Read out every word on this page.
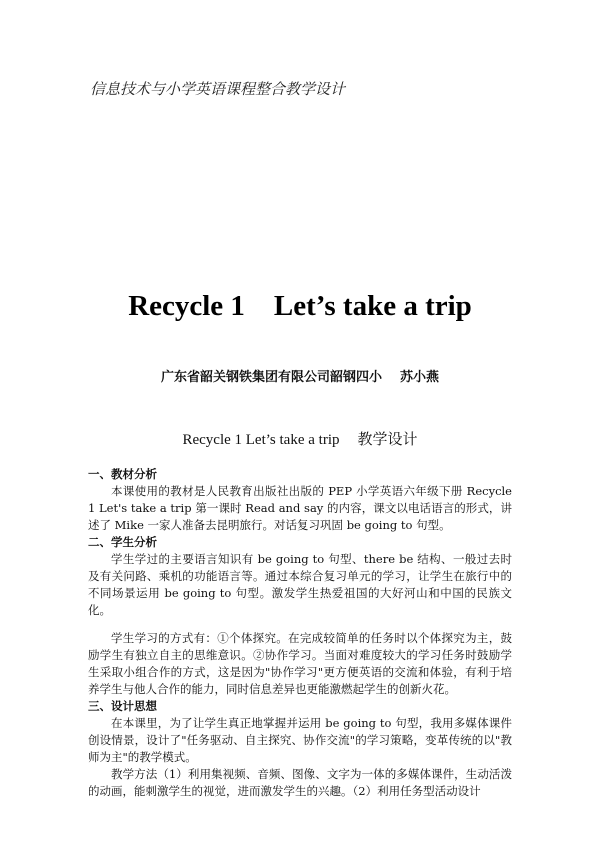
信息技术与小学英语课程整合教学设计
Recycle 1    Let’s take a trip
广东省韶关钢铁集团有限公司韶钢四小    苏小燕
Recycle 1 Let’s take a trip 教学设计
一、教材分析

本课使用的教材是人民教育出版社出版的 PEP 小学英语六年级下册 Recycle 1 Let's take a trip 第一课时 Read and say 的内容，课文以电话语言的形式，讲述了 Mike 一家人准备去昆明旅行。对话复习巩固 be going to 句型。

二、学生分析

学生学过的主要语言知识有 be going to 句型、there be 结构、一般过去时及有关问路、乘机的功能语言等。通过本综合复习单元的学习，让学生在旅行中的不同场景运用 be going to 句型。激发学生热爱祖国的大好河山和中国的民族文化。

学生学习的方式有：①个体探究。在完成较简单的任务时以个体探究为主，鼓励学生有独立自主的思维意识。②协作学习。当面对难度较大的学习任务时鼓励学生采取小组合作的方式，这是因为"协作学习"更方便英语的交流和体验，有利于培养学生与他人合作的能力，同时信息差异也更能激燃起学生的创新火花。

三、设计思想

在本课里，为了让学生真正地掌握并运用 be going to 句型，我用多媒体课件创设情景，设计了"任务驱动、自主探究、协作交流"的学习策略，变革传统的以"教师为主"的教学模式。

教学方法（1）利用集视频、音频、图像、文字为一体的多媒体课件，生动活泼的动画，能刺激学生的视觉，进而激发学生的兴趣。（2）利用任务型活动设计
